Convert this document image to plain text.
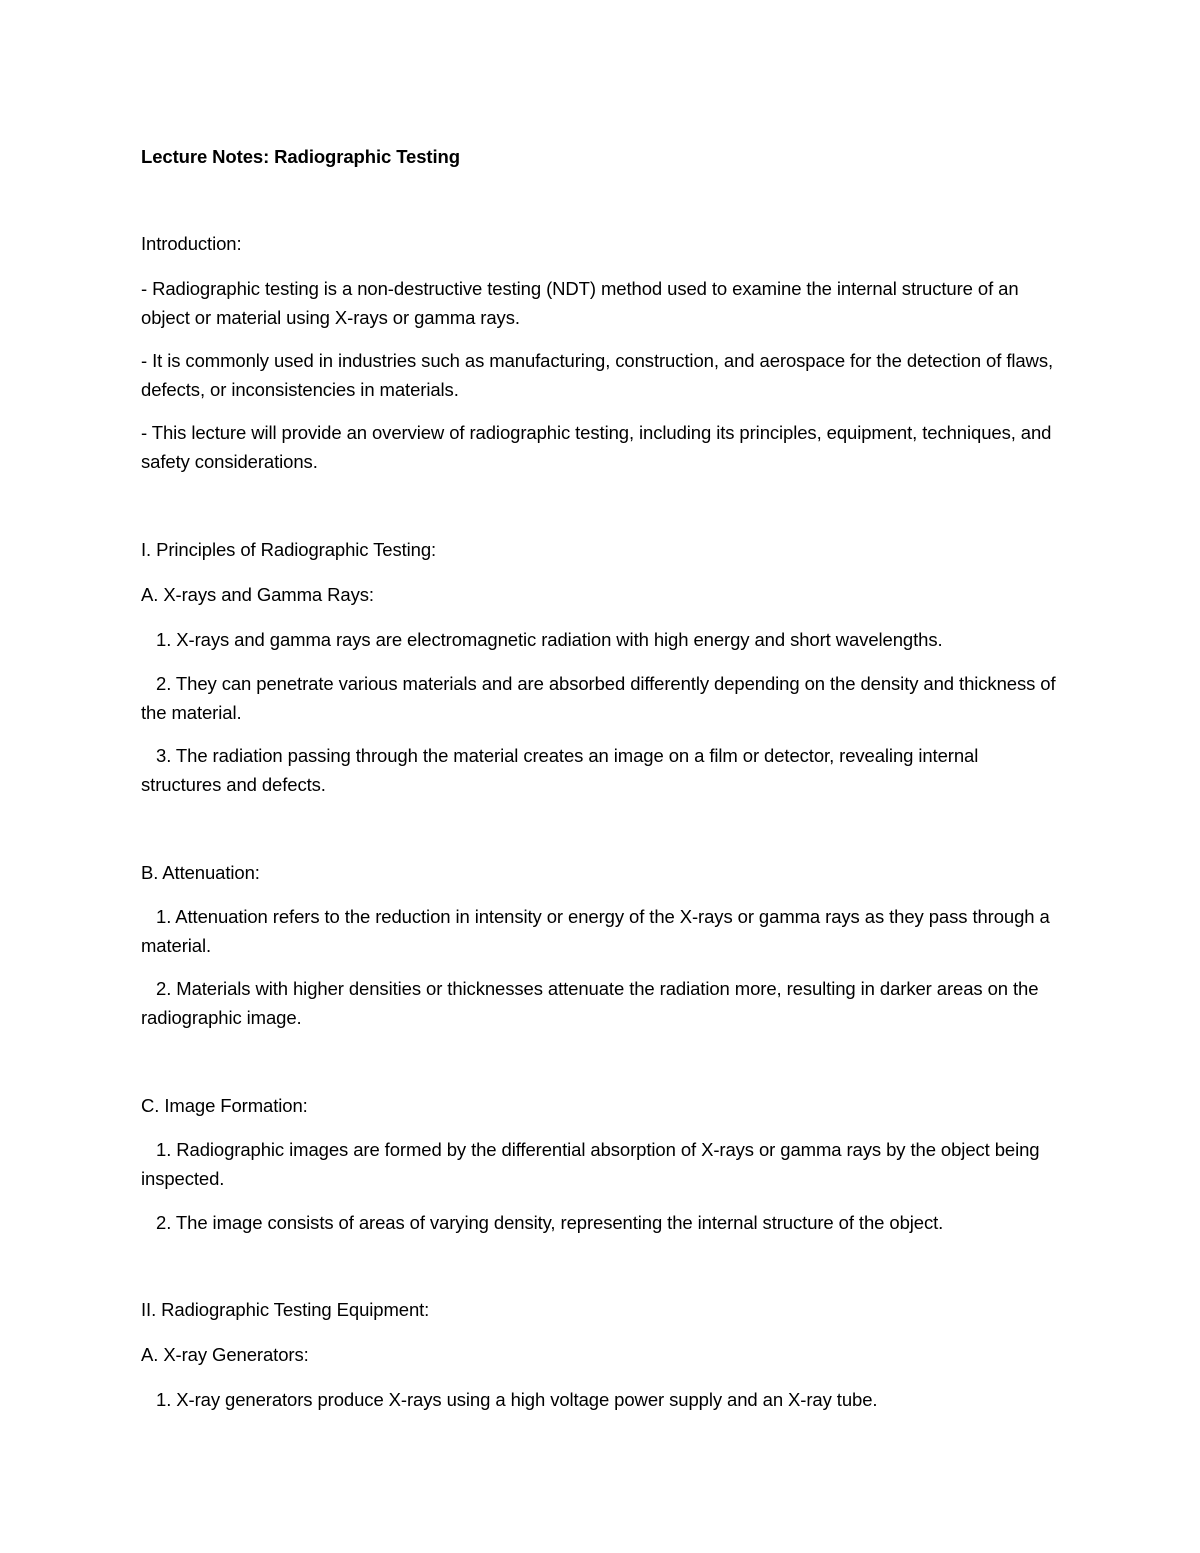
Lecture Notes: Radiographic Testing
Introduction:
- Radiographic testing is a non-destructive testing (NDT) method used to examine the internal structure of an object or material using X-rays or gamma rays.
- It is commonly used in industries such as manufacturing, construction, and aerospace for the detection of flaws, defects, or inconsistencies in materials.
- This lecture will provide an overview of radiographic testing, including its principles, equipment, techniques, and safety considerations.
I. Principles of Radiographic Testing:
A. X-rays and Gamma Rays:
1. X-rays and gamma rays are electromagnetic radiation with high energy and short wavelengths.
2. They can penetrate various materials and are absorbed differently depending on the density and thickness of the material.
3. The radiation passing through the material creates an image on a film or detector, revealing internal structures and defects.
B. Attenuation:
1. Attenuation refers to the reduction in intensity or energy of the X-rays or gamma rays as they pass through a material.
2. Materials with higher densities or thicknesses attenuate the radiation more, resulting in darker areas on the radiographic image.
C. Image Formation:
1. Radiographic images are formed by the differential absorption of X-rays or gamma rays by the object being inspected.
2. The image consists of areas of varying density, representing the internal structure of the object.
II. Radiographic Testing Equipment:
A. X-ray Generators:
1. X-ray generators produce X-rays using a high voltage power supply and an X-ray tube.
